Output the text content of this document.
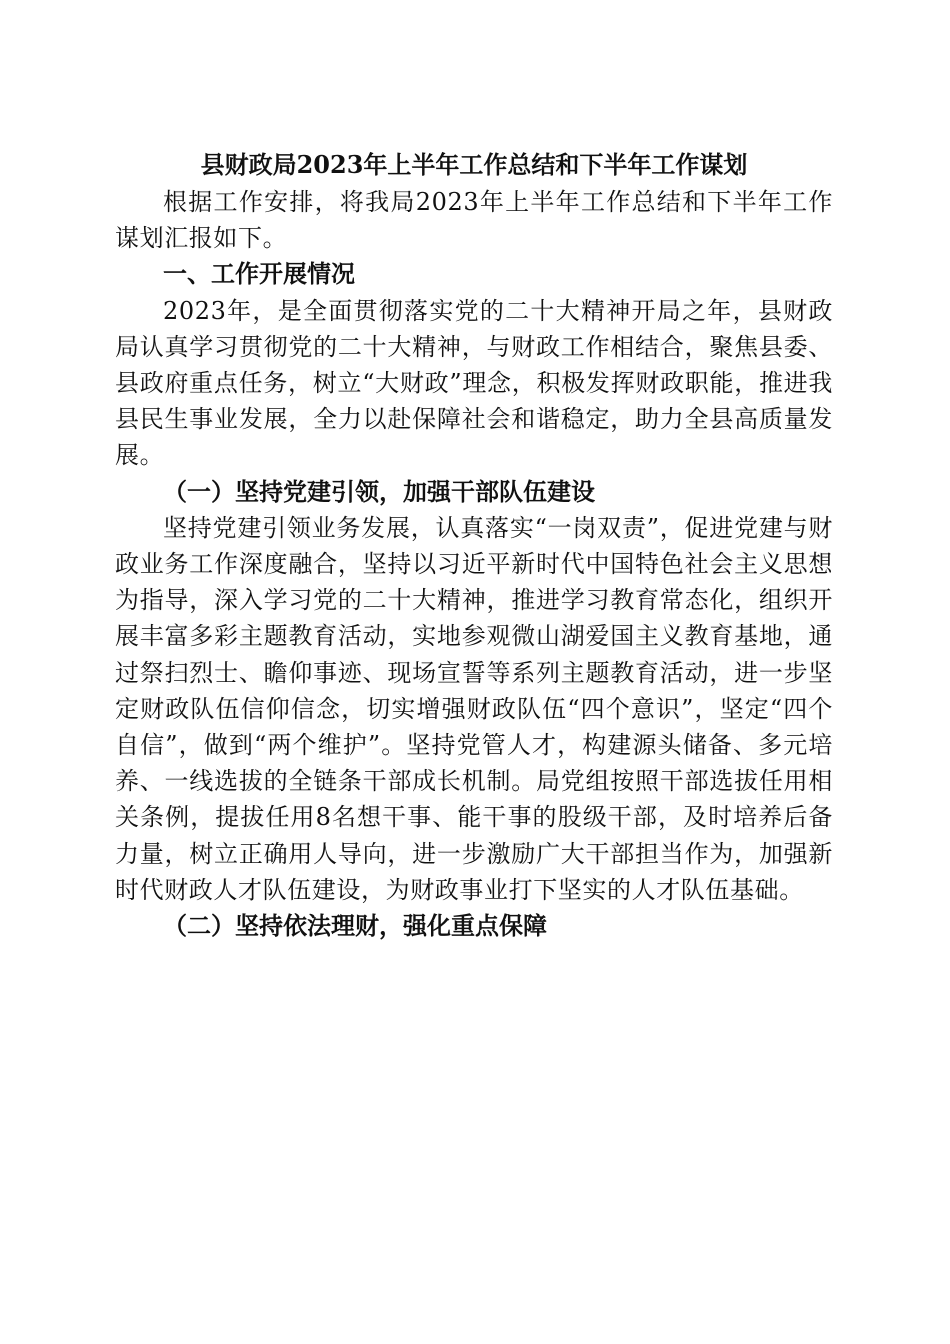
县财政局2023年上半年工作总结和下半年工作谋划

根据工作安排，将我局2023年上半年工作总结和下半年工作谋划汇报如下。

一、工作开展情况

2023年，是全面贯彻落实党的二十大精神开局之年，县财政局认真学习贯彻党的二十大精神，与财政工作相结合，聚焦县委、县政府重点任务，树立“大财政”理念，积极发挥财政职能，推进我县民生事业发展，全力以赴保障社会和谐稳定，助力全县高质量发展。

（一）坚持党建引领，加强干部队伍建设

坚持党建引领业务发展，认真落实“一岗双责”，促进党建与财政业务工作深度融合，坚持以习近平新时代中国特色社会主义思想为指导，深入学习党的二十大精神，推进学习教育常态化，组织开展丰富多彩主题教育活动，实地参观微山湖爱国主义教育基地，通过祭扫烈士、瞻仰事迹、现场宣誓等系列主题教育活动，进一步坚定财政队伍信仰信念，切实增强财政队伍“四个意识”，坚定“四个自信”，做到“两个维护”。坚持党管人才，构建源头储备、多元培养、一线选拔的全链条干部成长机制。局党组按照干部选拔任用相关条例，提拔任用8名想干事、能干事的股级干部，及时培养后备力量，树立正确用人导向，进一步激励广大干部担当作为，加强新时代财政人才队伍建设，为财政事业打下坚实的人才队伍基础。

（二）坚持依法理财，强化重点保障
